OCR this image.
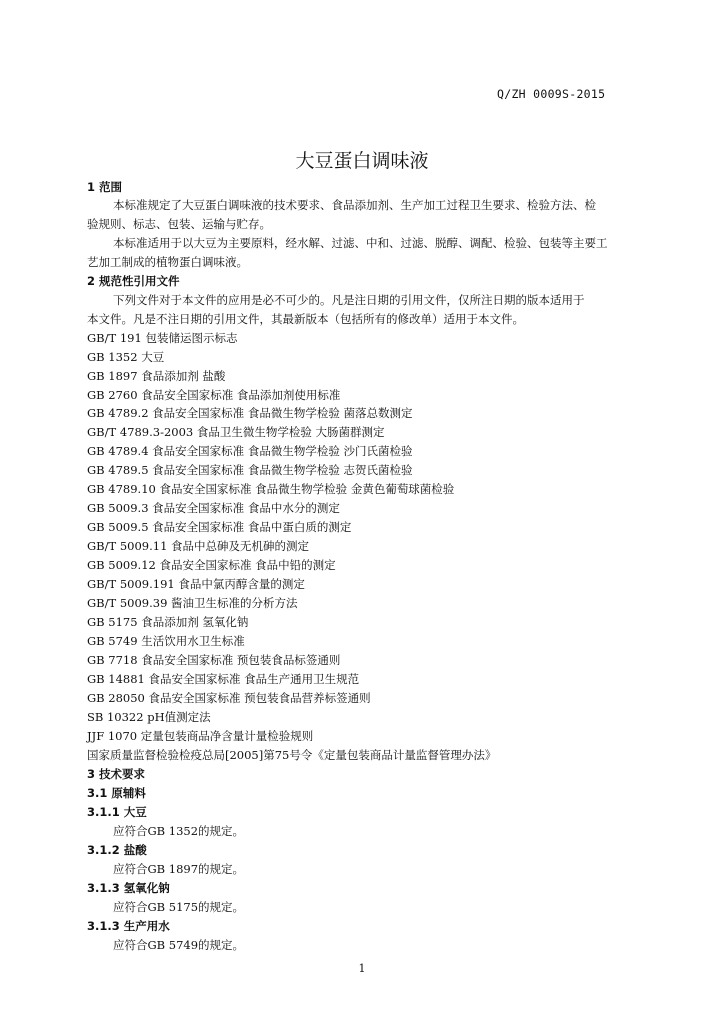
Q/ZH 0009S-2015
大豆蛋白调味液
1 范围
本标准规定了大豆蛋白调味液的技术要求、食品添加剂、生产加工过程卫生要求、检验方法、检
验规则、标志、包装、运输与贮存。
本标准适用于以大豆为主要原料，经水解、过滤、中和、过滤、脱醇、调配、检验、包装等主要工
艺加工制成的植物蛋白调味液。
2 规范性引用文件
下列文件对于本文件的应用是必不可少的。凡是注日期的引用文件，仅所注日期的版本适用于
本文件。凡是不注日期的引用文件，其最新版本（包括所有的修改单）适用于本文件。
GB/T 191 包装储运图示标志
GB 1352 大豆
GB 1897 食品添加剂 盐酸
GB 2760 食品安全国家标准 食品添加剂使用标准
GB 4789.2 食品安全国家标准 食品微生物学检验 菌落总数测定
GB/T 4789.3-2003 食品卫生微生物学检验 大肠菌群测定
GB 4789.4 食品安全国家标准 食品微生物学检验 沙门氏菌检验
GB 4789.5 食品安全国家标准 食品微生物学检验 志贺氏菌检验
GB 4789.10 食品安全国家标准 食品微生物学检验 金黄色葡萄球菌检验
GB 5009.3 食品安全国家标准 食品中水分的测定
GB 5009.5 食品安全国家标准 食品中蛋白质的测定
GB/T 5009.11 食品中总砷及无机砷的测定
GB 5009.12 食品安全国家标准 食品中铅的测定
GB/T 5009.191 食品中氯丙醇含量的测定
GB/T 5009.39 酱油卫生标准的分析方法
GB 5175 食品添加剂 氢氧化钠
GB 5749 生活饮用水卫生标准
GB 7718 食品安全国家标准 预包装食品标签通则
GB 14881 食品安全国家标准 食品生产通用卫生规范
GB 28050 食品安全国家标准 预包装食品营养标签通则
SB 10322 pH值测定法
JJF 1070 定量包装商品净含量计量检验规则
国家质量监督检验检疫总局[2005]第75号令《定量包装商品计量监督管理办法》
3 技术要求
3.1 原辅料
3.1.1 大豆
应符合GB 1352的规定。
3.1.2 盐酸
应符合GB 1897的规定。
3.1.3 氢氧化钠
应符合GB 5175的规定。
3.1.3 生产用水
应符合GB 5749的规定。
1
